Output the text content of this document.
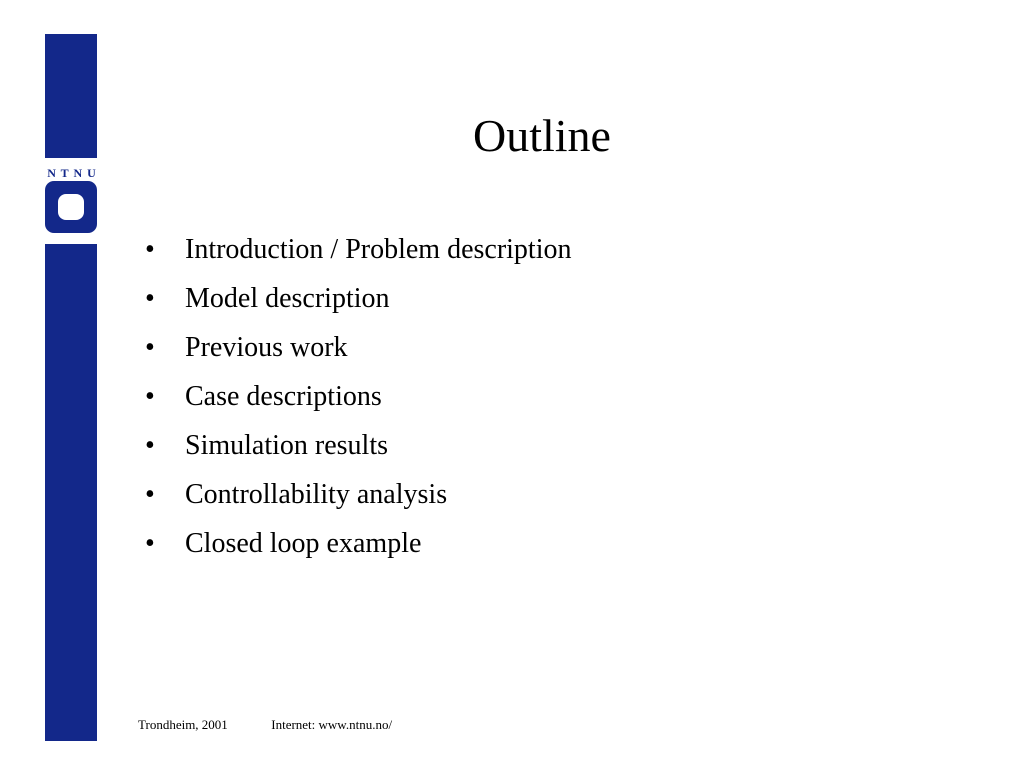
N T N U
Outline
•	Introduction / Problem description
•	Model description
•	Previous work
•	Case descriptions
•	Simulation results
•	Controllability analysis
•	Closed loop example
Trondheim, 2001	Internet: www.ntnu.no/
